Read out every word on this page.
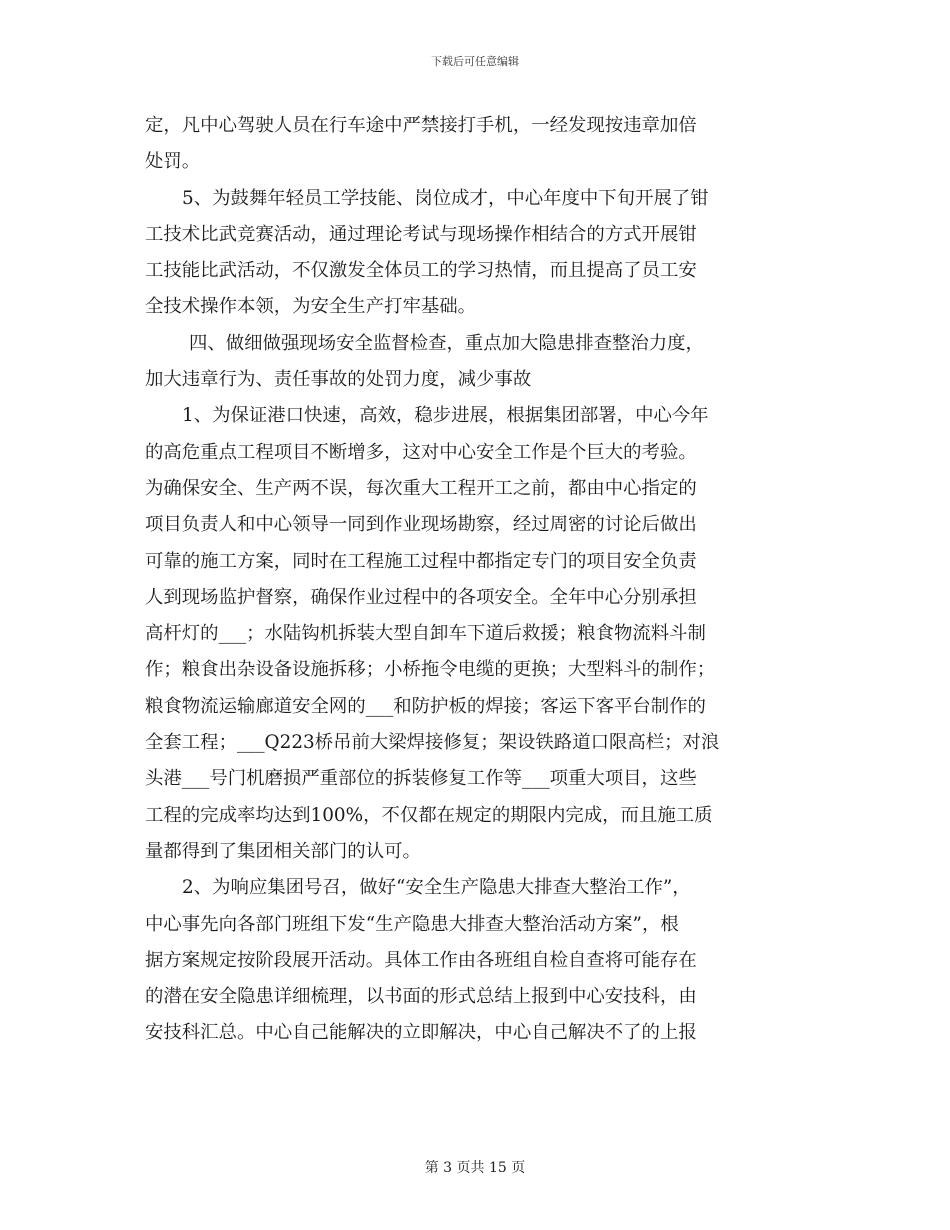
下载后可任意编辑
定，凡中心驾驶人员在行车途中严禁接打手机，一经发现按违章加倍
处罚。
5、为鼓舞年轻员工学技能、岗位成才，中心年度中下旬开展了钳
工技术比武竞赛活动，通过理论考试与现场操作相结合的方式开展钳
工技能比武活动，不仅激发全体员工的学习热情，而且提高了员工安
全技术操作本领，为安全生产打牢基础。
四、做细做强现场安全监督检查，重点加大隐患排查整治力度，
加大违章行为、责任事故的处罚力度，减少事故
1、为保证港口快速，高效，稳步进展，根据集团部署，中心今年
的高危重点工程项目不断增多，这对中心安全工作是个巨大的考验。
为确保安全、生产两不误，每次重大工程开工之前，都由中心指定的
项目负责人和中心领导一同到作业现场勘察，经过周密的讨论后做出
可靠的施工方案，同时在工程施工过程中都指定专门的项目安全负责
人到现场监护督察，确保作业过程中的各项安全。全年中心分别承担
高杆灯的___；水陆钩机拆装大型自卸车下道后救援；粮食物流料斗制
作；粮食出杂设备设施拆移；小桥拖令电缆的更换；大型料斗的制作；
粮食物流运输廊道安全网的___和防护板的焊接；客运下客平台制作的
全套工程；___Q223桥吊前大梁焊接修复；架设铁路道口限高栏；对浪
头港___号门机磨损严重部位的拆装修复工作等___项重大项目，这些
工程的完成率均达到100%，不仅都在规定的期限内完成，而且施工质
量都得到了集团相关部门的认可。
2、为响应集团号召，做好“安全生产隐患大排查大整治工作”，
中心事先向各部门班组下发“生产隐患大排查大整治活动方案”，根
据方案规定按阶段展开活动。具体工作由各班组自检自查将可能存在
的潜在安全隐患详细梳理，以书面的形式总结上报到中心安技科，由
安技科汇总。中心自己能解决的立即解决，中心自己解决不了的上报
第 3 页共 15 页
